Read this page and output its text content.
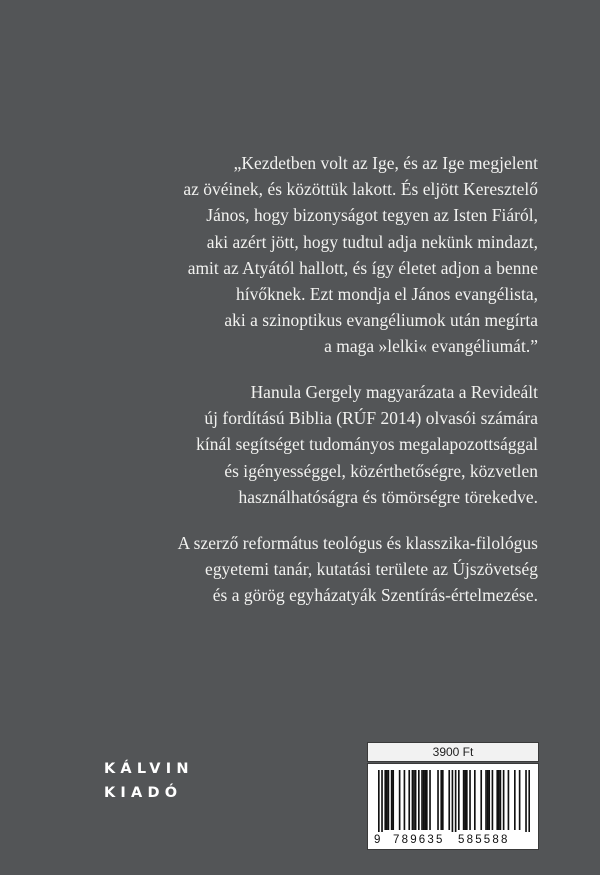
„Kezdetben volt az Ige, és az Ige megjelent
az övéinek, és közöttük lakott. És eljött Keresztelő
János, hogy bizonyságot tegyen az Isten Fiáról,
aki azért jött, hogy tudtul adja nekünk mindazt,
amit az Atyától hallott, és így életet adjon a benne
hívőknek. Ezt mondja el János evangélista,
aki a szinoptikus evangéliumok után megírta
a maga »lelki« evangéliumát.”
Hanula Gergely magyarázata a Revideált
új fordítású Biblia (RÚF 2014) olvasói számára
kínál segítséget tudományos megalapozottsággal
és igényességgel, közérthetőségre, közvetlen
használhatóságra és tömörségre törekedve.
A szerző református teológus és klasszika-filológus
egyetemi tanár, kutatási területe az Újszövetség
és a görög egyházatyák Szentírás-értelmezése.
KÁLVIN
KIADÓ
3900 Ft
9 789635 585588
